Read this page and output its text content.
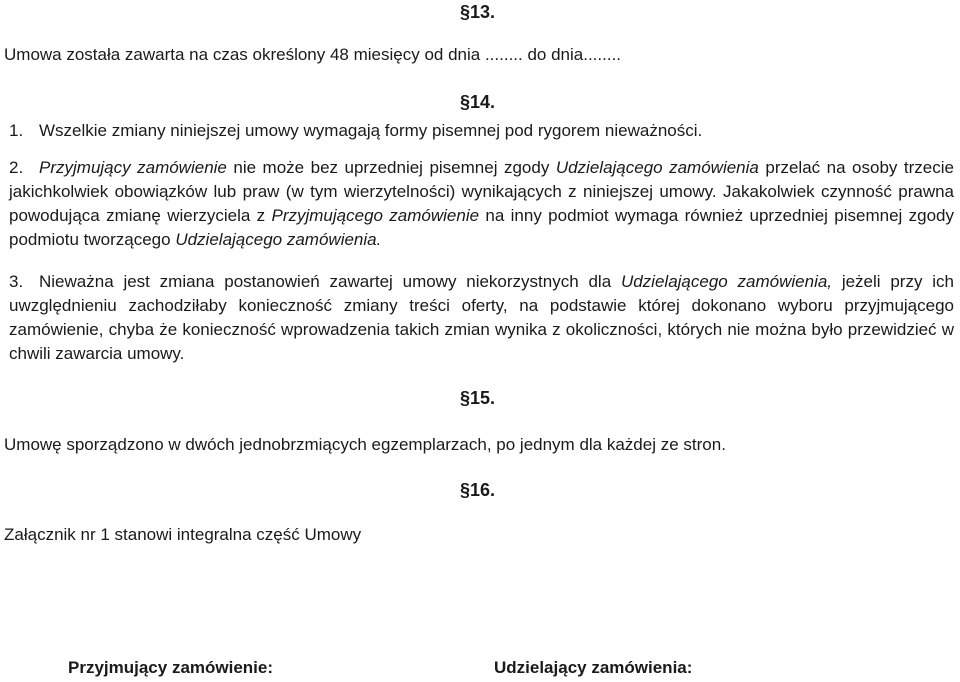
§13.
Umowa została zawarta na czas określony 48 miesięcy od dnia ........ do dnia........
§14.
1. Wszelkie zmiany niniejszej umowy wymagają formy pisemnej pod rygorem nieważności.
2. Przyjmujący zamówienie nie może bez uprzedniej pisemnej zgody Udzielającego zamówienia przelać na osoby trzecie jakichkolwiek obowiązków lub praw (w tym wierzytelności) wynikających z niniejszej umowy. Jakakolwiek czynność prawna powodująca zmianę wierzyciela z Przyjmującego zamówienie na inny podmiot wymaga również uprzedniej pisemnej zgody podmiotu tworzącego Udzielającego zamówienia.
3. Nieważna jest zmiana postanowień zawartej umowy niekorzystnych dla Udzielającego zamówienia, jeżeli przy ich uwzględnieniu zachodziłaby konieczność zmiany treści oferty, na podstawie której dokonano wyboru przyjmującego zamówienie, chyba że konieczność wprowadzenia takich zmian wynika z okoliczności, których nie można było przewidzieć w chwili zawarcia umowy.
§15.
Umowę sporządzono w dwóch jednobrzmiących egzemplarzach, po jednym dla każdej ze stron.
§16.
Załącznik nr 1 stanowi integralna część Umowy
Przyjmujący zamówienie:	Udzielający zamówienia:
